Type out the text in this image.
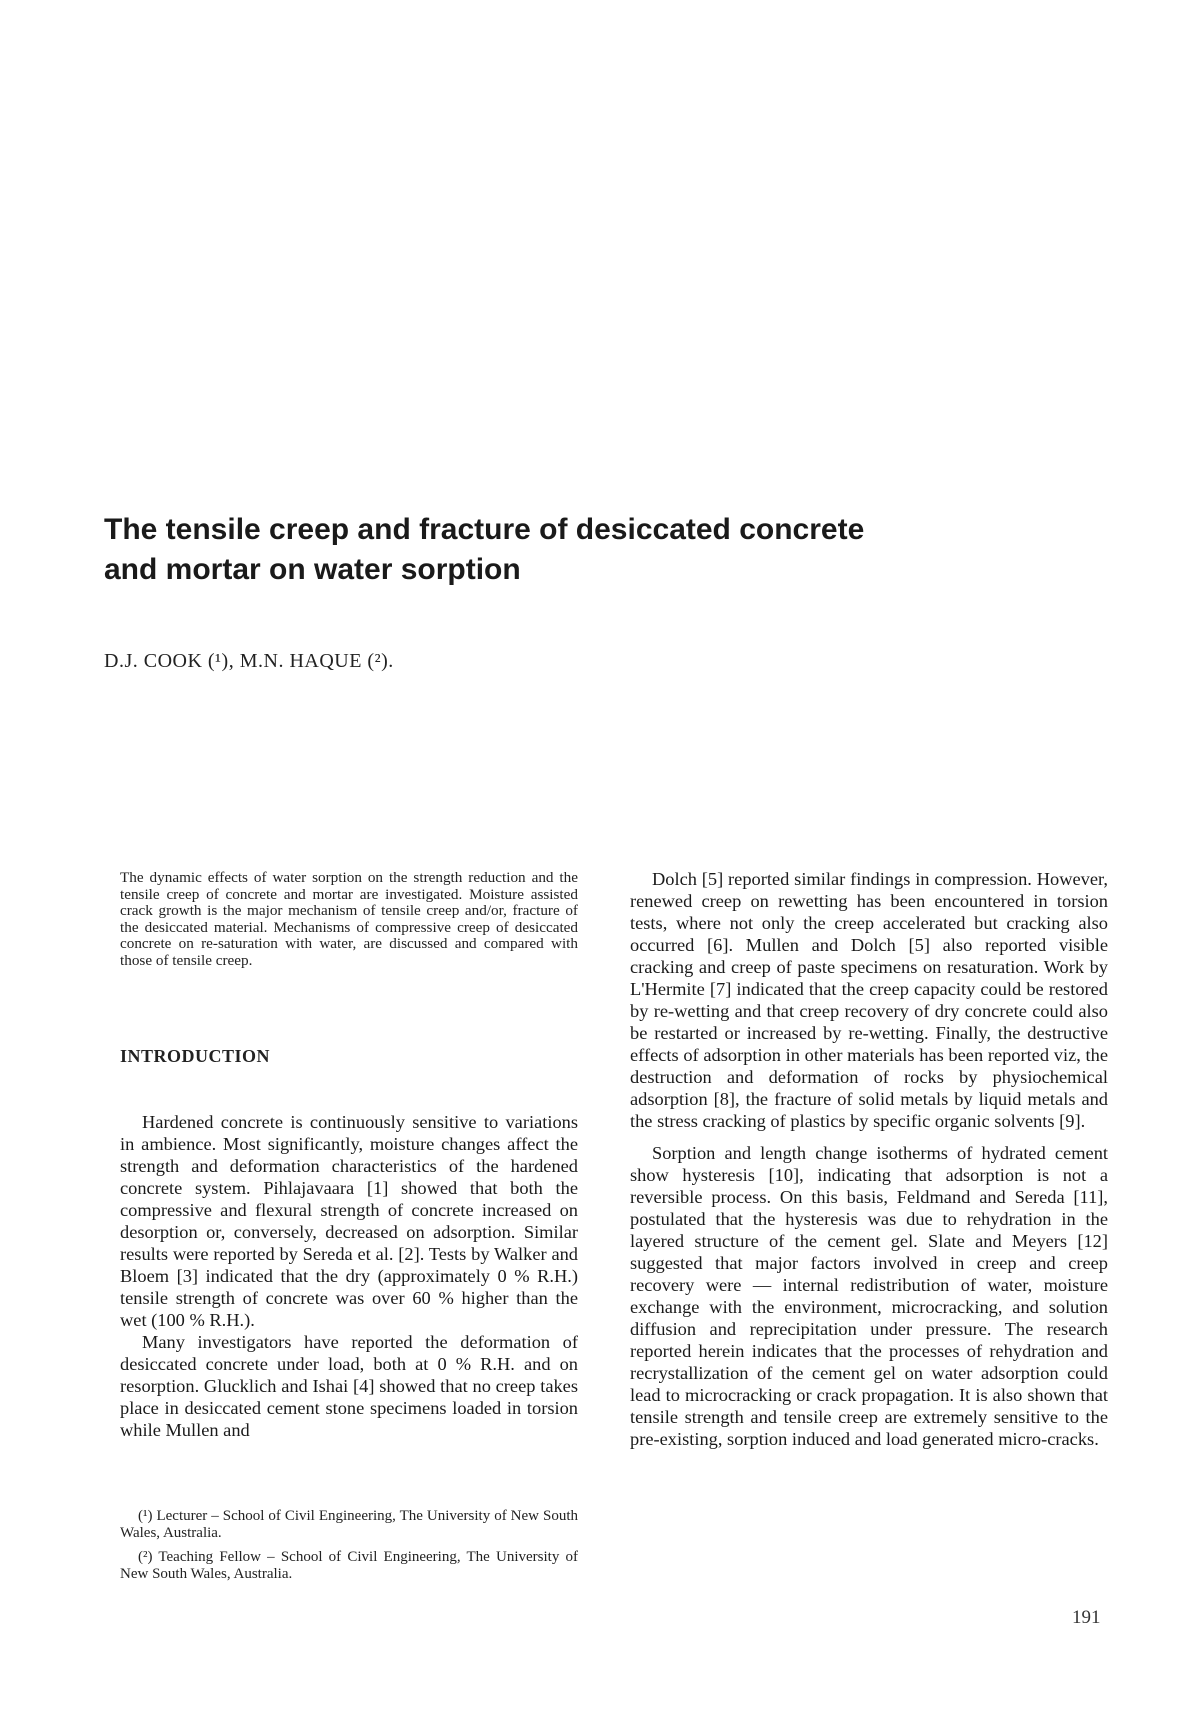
The tensile creep and fracture of desiccated concrete
and mortar on water sorption
D.J. COOK (¹), M.N. HAQUE (²).

The dynamic effects of water sorption on the strength reduction and the tensile creep of concrete and mortar are investigated. Moisture assisted crack growth is the major mechanism of tensile creep and/or, fracture of the desiccated material. Mechanisms of compressive creep of desiccated concrete on re-saturation with water, are discussed and compared with those of tensile creep.

INTRODUCTION

Hardened concrete is continuously sensitive to variations in ambience. Most significantly, moisture changes affect the strength and deformation characteristics of the hardened concrete system. Pihlajavaara [1] showed that both the compressive and flexural strength of concrete increased on desorption or, conversely, decreased on adsorption. Similar results were reported by Sereda et al. [2]. Tests by Walker and Bloem [3] indicated that the dry (approximately 0 % R.H.) tensile strength of concrete was over 60 % higher than the wet (100 % R.H.).

Many investigators have reported the deformation of desiccated concrete under load, both at 0 % R.H. and on resorption. Glucklich and Ishai [4] showed that no creep takes place in desiccated cement stone specimens loaded in torsion while Mullen and

Dolch [5] reported similar findings in compression. However, renewed creep on rewetting has been encountered in torsion tests, where not only the creep accelerated but cracking also occurred [6]. Mullen and Dolch [5] also reported visible cracking and creep of paste specimens on resaturation. Work by L'Hermite [7] indicated that the creep capacity could be restored by re-wetting and that creep recovery of dry concrete could also be restarted or increased by re-wetting. Finally, the destructive effects of adsorption in other materials has been reported viz, the destruction and deformation of rocks by physiochemical adsorption [8], the fracture of solid metals by liquid metals and the stress cracking of plastics by specific organic solvents [9].

Sorption and length change isotherms of hydrated cement show hysteresis [10], indicating that adsorption is not a reversible process. On this basis, Feldmand and Sereda [11], postulated that the hysteresis was due to rehydration in the layered structure of the cement gel. Slate and Meyers [12] suggested that major factors involved in creep and creep recovery were — internal redistribution of water, moisture exchange with the environment, microcracking, and solution diffusion and reprecipitation under pressure. The research reported herein indicates that the processes of rehydration and recrystallization of the cement gel on water adsorption could lead to microcracking or crack propagation. It is also shown that tensile strength and tensile creep are extremely sensitive to the pre-existing, sorption induced and load generated micro-cracks.

(¹) Lecturer – School of Civil Engineering, The University of New South Wales, Australia.

(²) Teaching Fellow – School of Civil Engineering, The University of New South Wales, Australia.

191
